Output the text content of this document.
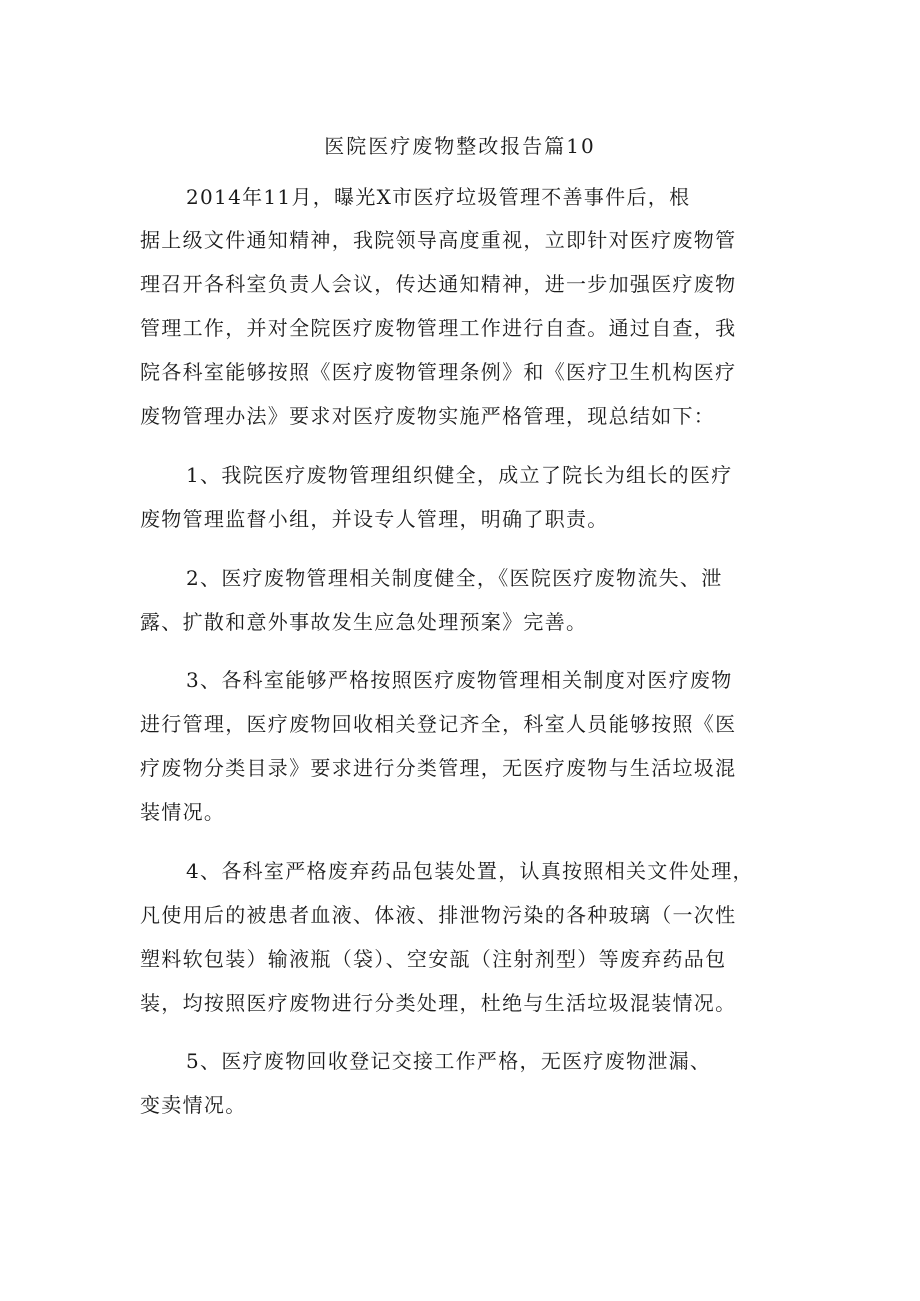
医院医疗废物整改报告篇10
2014年11月，曝光X市医疗垃圾管理不善事件后，根
据上级文件通知精神，我院领导高度重视，立即针对医疗废物管
理召开各科室负责人会议，传达通知精神，进一步加强医疗废物
管理工作，并对全院医疗废物管理工作进行自查。通过自查，我
院各科室能够按照《医疗废物管理条例》和《医疗卫生机构医疗
废物管理办法》要求对医疗废物实施严格管理，现总结如下：
1、我院医疗废物管理组织健全，成立了院长为组长的医疗
废物管理监督小组，并设专人管理，明确了职责。
2、医疗废物管理相关制度健全，《医院医疗废物流失、泄
露、扩散和意外事故发生应急处理预案》完善。
3、各科室能够严格按照医疗废物管理相关制度对医疗废物
进行管理，医疗废物回收相关登记齐全，科室人员能够按照《医
疗废物分类目录》要求进行分类管理，无医疗废物与生活垃圾混
装情况。
4、各科室严格废弃药品包装处置，认真按照相关文件处理，
凡使用后的被患者血液、体液、排泄物污染的各种玻璃（一次性
塑料软包装）输液瓶（袋）、空安瓿（注射剂型）等废弃药品包
装，均按照医疗废物进行分类处理，杜绝与生活垃圾混装情况。
5、医疗废物回收登记交接工作严格，无医疗废物泄漏、
变卖情况。
